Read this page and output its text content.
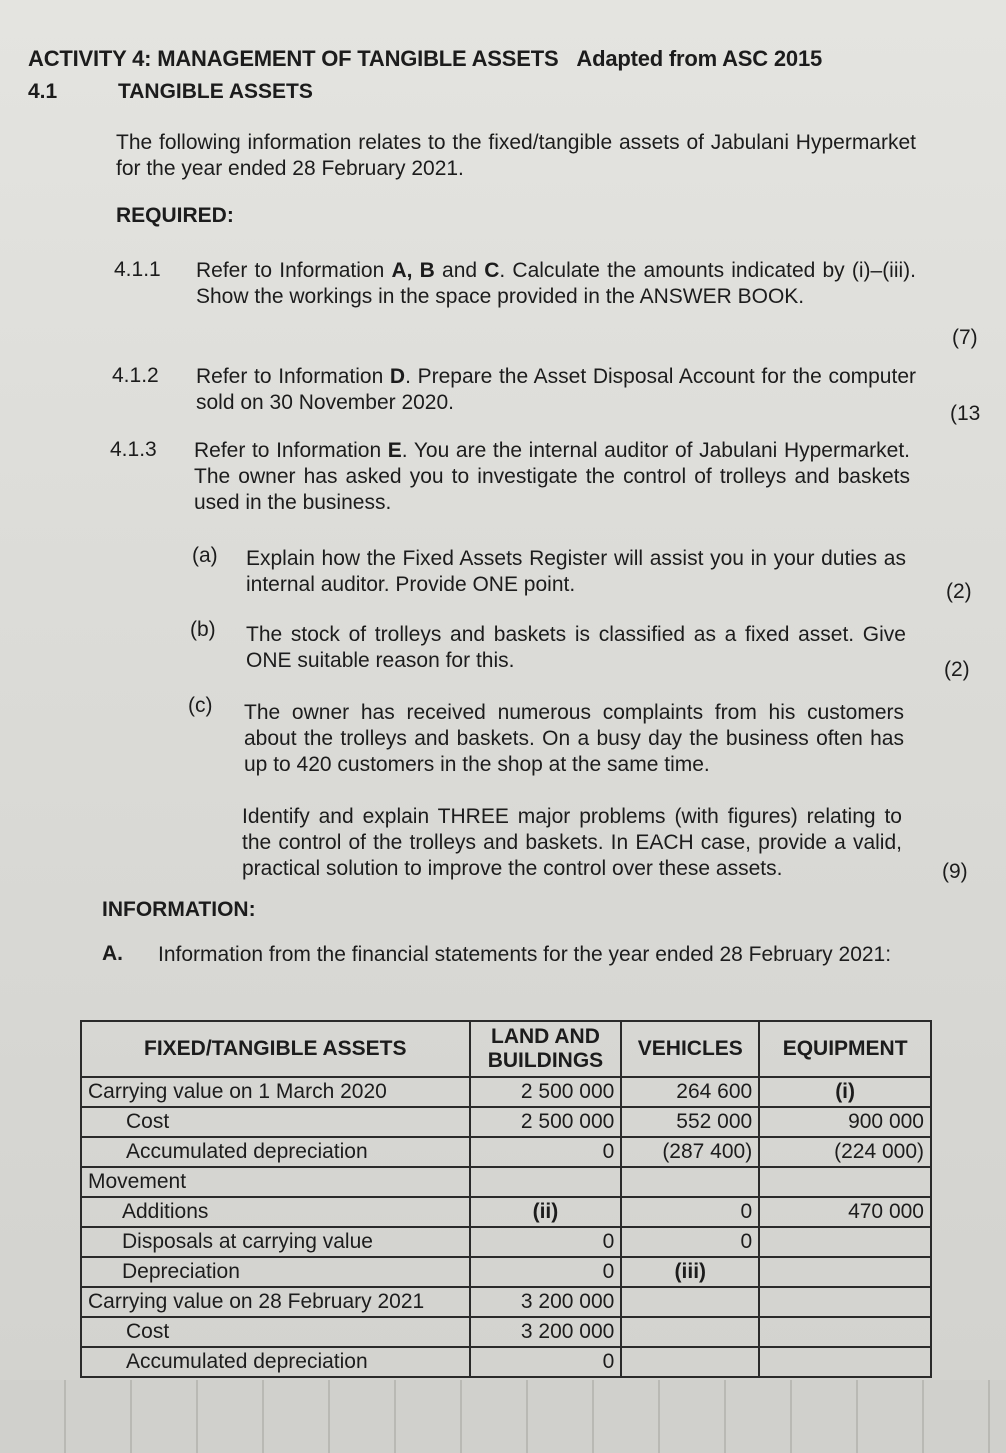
ACTIVITY 4: MANAGEMENT OF TANGIBLE ASSETS Adapted from ASC 2015
4.1	TANGIBLE ASSETS
The following information relates to the fixed/tangible assets of Jabulani Hypermarket for the year ended 28 February 2021.
REQUIRED:
4.1.1 Refer to Information A, B and C. Calculate the amounts indicated by (i)–(iii). Show the workings in the space provided in the ANSWER BOOK.
(7)
4.1.2 Refer to Information D. Prepare the Asset Disposal Account for the computer sold on 30 November 2020.	(13
4.1.3 Refer to Information E. You are the internal auditor of Jabulani Hypermarket. The owner has asked you to investigate the control of trolleys and baskets used in the business.
(a) Explain how the Fixed Assets Register will assist you in your duties as internal auditor. Provide ONE point.	(2)
(b) The stock of trolleys and baskets is classified as a fixed asset. Give ONE suitable reason for this.	(2)
(c) The owner has received numerous complaints from his customers about the trolleys and baskets. On a busy day the business often has up to 420 customers in the shop at the same time.
Identify and explain THREE major problems (with figures) relating to the control of the trolleys and baskets. In EACH case, provide a valid, practical solution to improve the control over these assets.	(9)
INFORMATION:
A. Information from the financial statements for the year ended 28 February 2021:
FIXED/TANGIBLE ASSETS	LAND AND BUILDINGS	VEHICLES	EQUIPMENT
Carrying value on 1 March 2020	2 500 000	264 600	(i)
Cost	2 500 000	552 000	900 000
Accumulated depreciation	0	(287 400)	(224 000)
Movement			
Additions	(ii)	0	470 000
Disposals at carrying value	0	0	
Depreciation	0	(iii)	
Carrying value on 28 February 2021	3 200 000		
Cost	3 200 000		
Accumulated depreciation	0		
